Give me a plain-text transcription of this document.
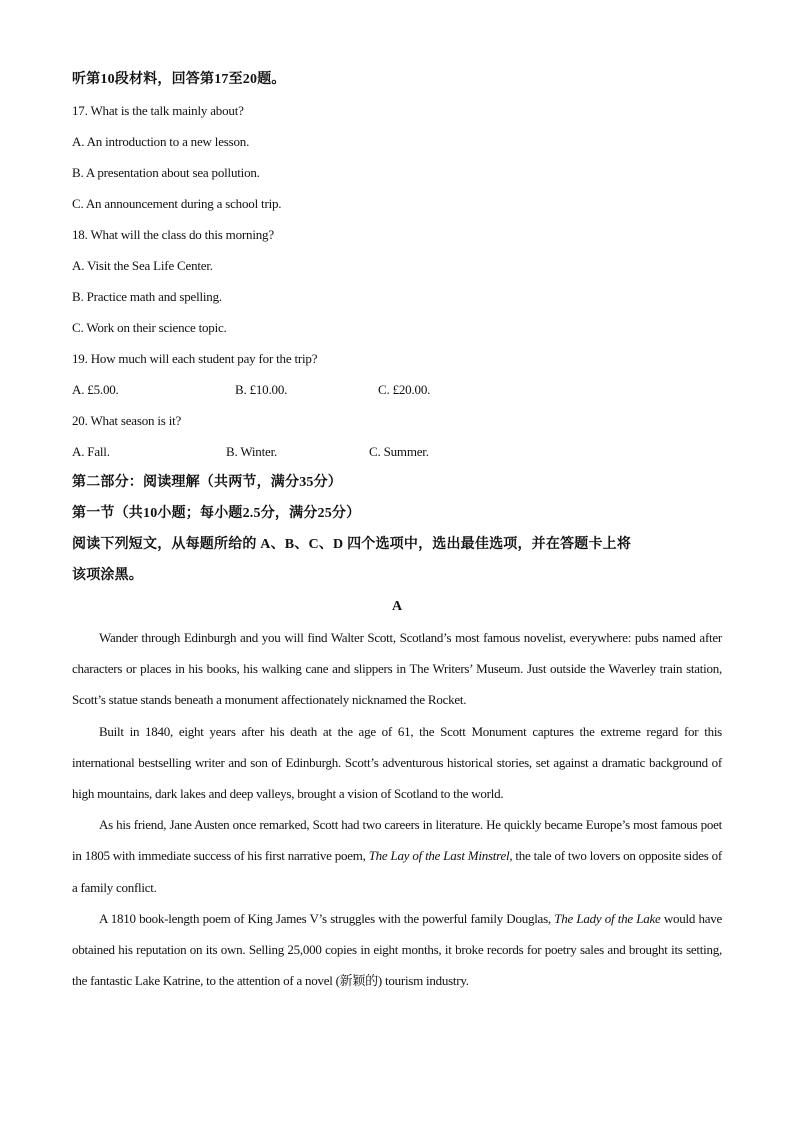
听第10段材料，回答第17至20题。
17. What is the talk mainly about?
A. An introduction to a new lesson.
B. A presentation about sea pollution.
C. An announcement during a school trip.
18. What will the class do this morning?
A. Visit the Sea Life Center.
B. Practice math and spelling.
C. Work on their science topic.
19. How much will each student pay for the trip?
A. £5.00.	B. £10.00.	C. £20.00.
20. What season is it?
A. Fall.	B. Winter.	C. Summer.
第二部分：阅读理解（共两节，满分35分）
第一节（共10小题；每小题2.5分，满分25分）
阅读下列短文，从每题所给的 A、B、C、D 四个选项中，选出最佳选项，并在答题卡上将
该项涂黑。
A

Wander through Edinburgh and you will find Walter Scott, Scotland’s most famous novelist, everywhere: pubs named after characters or places in his books, his walking cane and slippers in The Writers’ Museum. Just outside the Waverley train station, Scott’s statue stands beneath a monument affectionately nicknamed the Rocket.

Built in 1840, eight years after his death at the age of 61, the Scott Monument captures the extreme regard for this international bestselling writer and son of Edinburgh. Scott’s adventurous historical stories, set against a dramatic background of high mountains, dark lakes and deep valleys, brought a vision of Scotland to the world.

As his friend, Jane Austen once remarked, Scott had two careers in literature. He quickly became Europe’s most famous poet in 1805 with immediate success of his first narrative poem, The Lay of the Last Minstrel, the tale of two lovers on opposite sides of a family conflict.

A 1810 book-length poem of King James V’s struggles with the powerful family Douglas, The Lady of the Lake would have obtained his reputation on its own. Selling 25,000 copies in eight months, it broke records for poetry sales and brought its setting, the fantastic Lake Katrine, to the attention of a novel (新颖的) tourism industry.
